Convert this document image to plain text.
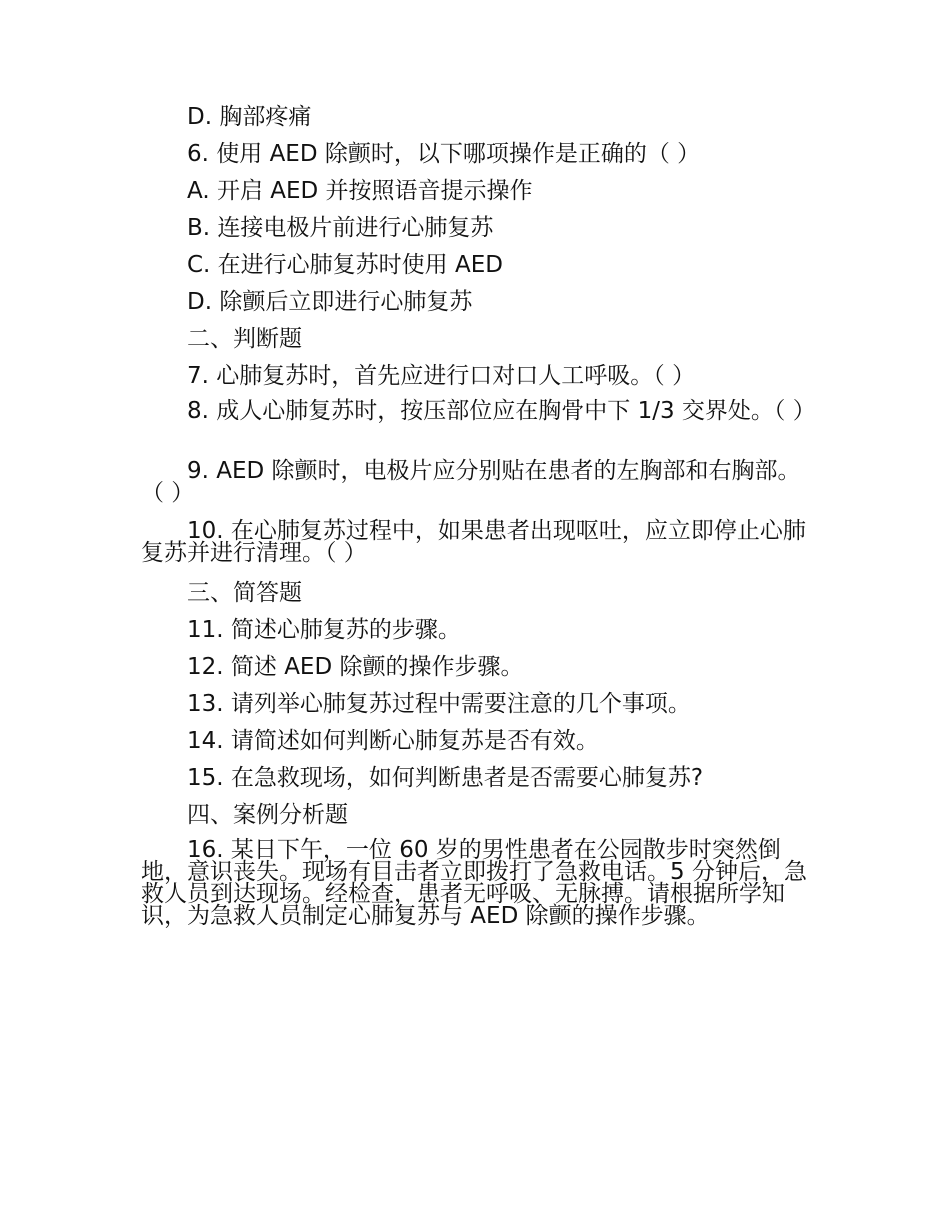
D. 胸部疼痛
6. 使用 AED 除颤时，以下哪项操作是正确的（ ）
A. 开启 AED 并按照语音提示操作
B. 连接电极片前进行心肺复苏
C. 在进行心肺复苏时使用 AED
D. 除颤后立即进行心肺复苏
二、判断题
7. 心肺复苏时，首先应进行口对口人工呼吸。（ ）
8. 成人心肺复苏时，按压部位应在胸骨中下 1/3 交界处。（ ）
9. AED 除颤时，电极片应分别贴在患者的左胸部和右胸部。（ ）
10. 在心肺复苏过程中，如果患者出现呕吐，应立即停止心肺复苏并进行清理。（ ）
三、简答题
11. 简述心肺复苏的步骤。
12. 简述 AED 除颤的操作步骤。
13. 请列举心肺复苏过程中需要注意的几个事项。
14. 请简述如何判断心肺复苏是否有效。
15. 在急救现场，如何判断患者是否需要心肺复苏?
四、案例分析题
16. 某日下午，一位 60 岁的男性患者在公园散步时突然倒地，意识丧失。现场有目击者立即拨打了急救电话。5 分钟后，急救人员到达现场。经检查，患者无呼吸、无脉搏。请根据所学知识，为急救人员制定心肺复苏与 AED 除颤的操作步骤。
